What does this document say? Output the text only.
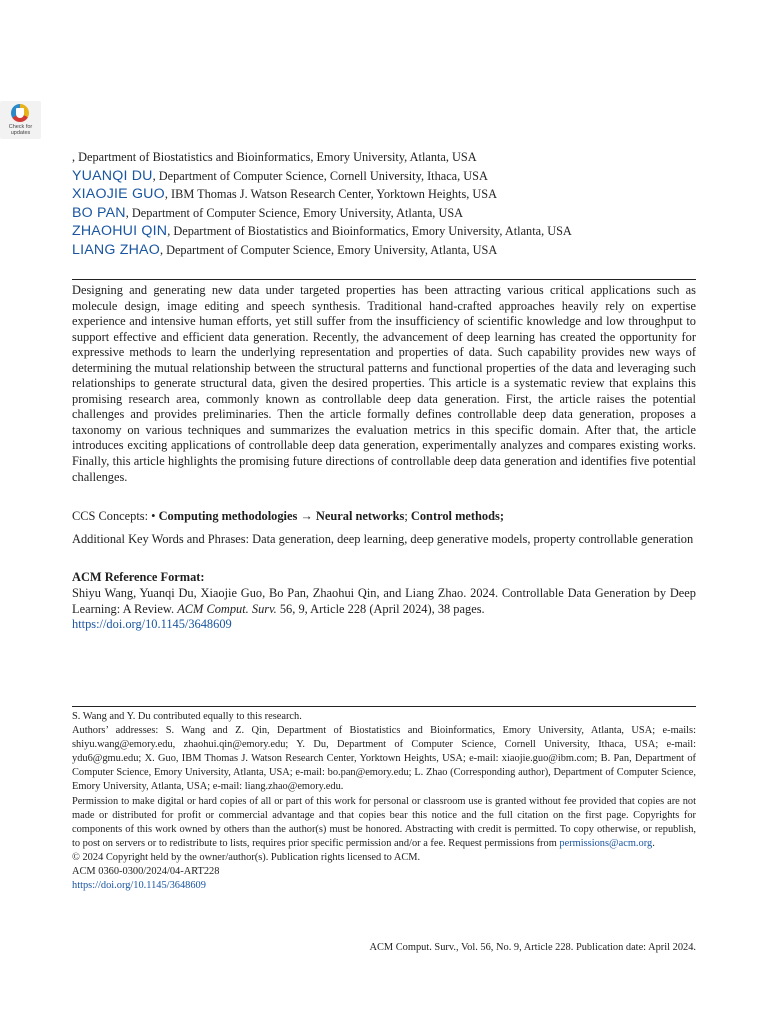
Check for updates
, Department of Biostatistics and Bioinformatics, Emory University, Atlanta, USA
YUANQI DU, Department of Computer Science, Cornell University, Ithaca, USA
XIAOJIE GUO, IBM Thomas J. Watson Research Center, Yorktown Heights, USA
BO PAN, Department of Computer Science, Emory University, Atlanta, USA
ZHAOHUI QIN, Department of Biostatistics and Bioinformatics, Emory University, Atlanta, USA
LIANG ZHAO, Department of Computer Science, Emory University, Atlanta, USA
Designing and generating new data under targeted properties has been attracting various critical applications such as molecule design, image editing and speech synthesis. Traditional hand-crafted approaches heavily rely on expertise experience and intensive human efforts, yet still suffer from the insufficiency of scientific knowledge and low throughput to support effective and efficient data generation. Recently, the advancement of deep learning has created the opportunity for expressive methods to learn the underlying representation and properties of data. Such capability provides new ways of determining the mutual relationship between the structural patterns and functional properties of the data and leveraging such relationships to generate structural data, given the desired properties. This article is a systematic review that explains this promising research area, commonly known as controllable deep data generation. First, the article raises the potential challenges and provides preliminaries. Then the article formally defines controllable deep data generation, proposes a taxonomy on various techniques and summarizes the evaluation metrics in this specific domain. After that, the article introduces exciting applications of controllable deep data generation, experimentally analyzes and compares existing works. Finally, this article highlights the promising future directions of controllable deep data generation and identifies five potential challenges.
CCS Concepts: • Computing methodologies → Neural networks; Control methods;
Additional Key Words and Phrases: Data generation, deep learning, deep generative models, property controllable generation
ACM Reference Format:
Shiyu Wang, Yuanqi Du, Xiaojie Guo, Bo Pan, Zhaohui Qin, and Liang Zhao. 2024. Controllable Data Generation by Deep Learning: A Review. ACM Comput. Surv. 56, 9, Article 228 (April 2024), 38 pages.
https://doi.org/10.1145/3648609
S. Wang and Y. Du contributed equally to this research.
Authors’ addresses: S. Wang and Z. Qin, Department of Biostatistics and Bioinformatics, Emory University, Atlanta, USA; e-mails: shiyu.wang@emory.edu, zhaohui.qin@emory.edu; Y. Du, Department of Computer Science, Cornell University, Ithaca, USA; e-mail: ydu6@gmu.edu; X. Guo, IBM Thomas J. Watson Research Center, Yorktown Heights, USA; e-mail: xiaojie.guo@ibm.com; B. Pan, Department of Computer Science, Emory University, Atlanta, USA; e-mail: bo.pan@emory.edu; L. Zhao (Corresponding author), Department of Computer Science, Emory University, Atlanta, USA; e-mail: liang.zhao@emory.edu.
Permission to make digital or hard copies of all or part of this work for personal or classroom use is granted without fee provided that copies are not made or distributed for profit or commercial advantage and that copies bear this notice and the full citation on the first page. Copyrights for components of this work owned by others than the author(s) must be honored. Abstracting with credit is permitted. To copy otherwise, or republish, to post on servers or to redistribute to lists, requires prior specific permission and/or a fee. Request permissions from permissions@acm.org.
© 2024 Copyright held by the owner/author(s). Publication rights licensed to ACM.
ACM 0360-0300/2024/04-ART228
https://doi.org/10.1145/3648609
ACM Comput. Surv., Vol. 56, No. 9, Article 228. Publication date: April 2024.
